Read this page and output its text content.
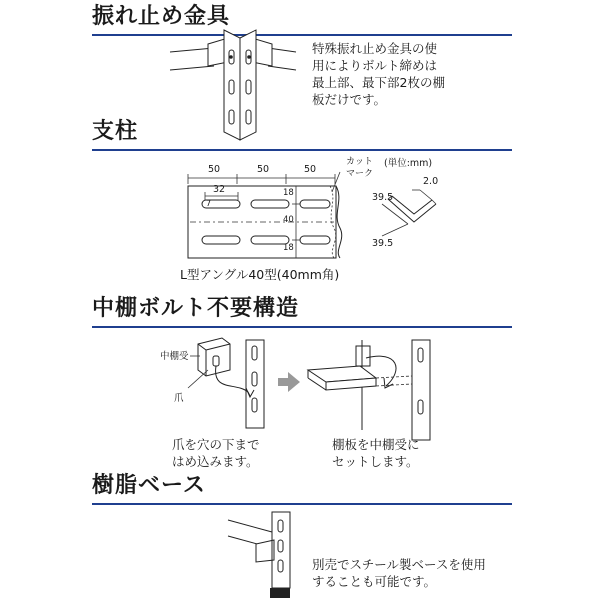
振れ止め金具

特殊振れ止め金具の使
用によりボルト締めは
最上部、最下部2枚の棚
板だけです。

支柱
50	50	50
32
7
18
40
18
カット
マーク
(単位:mm)
2.0
39.5
39.5

L型アングル40型(40mm角)

中棚ボルト不要構造
中棚受
爪

爪を穴の下まで
はめ込みます。

棚板を中棚受に
セットします。

樹脂ベース

別売でスチール製ベースを使用
することも可能です。
